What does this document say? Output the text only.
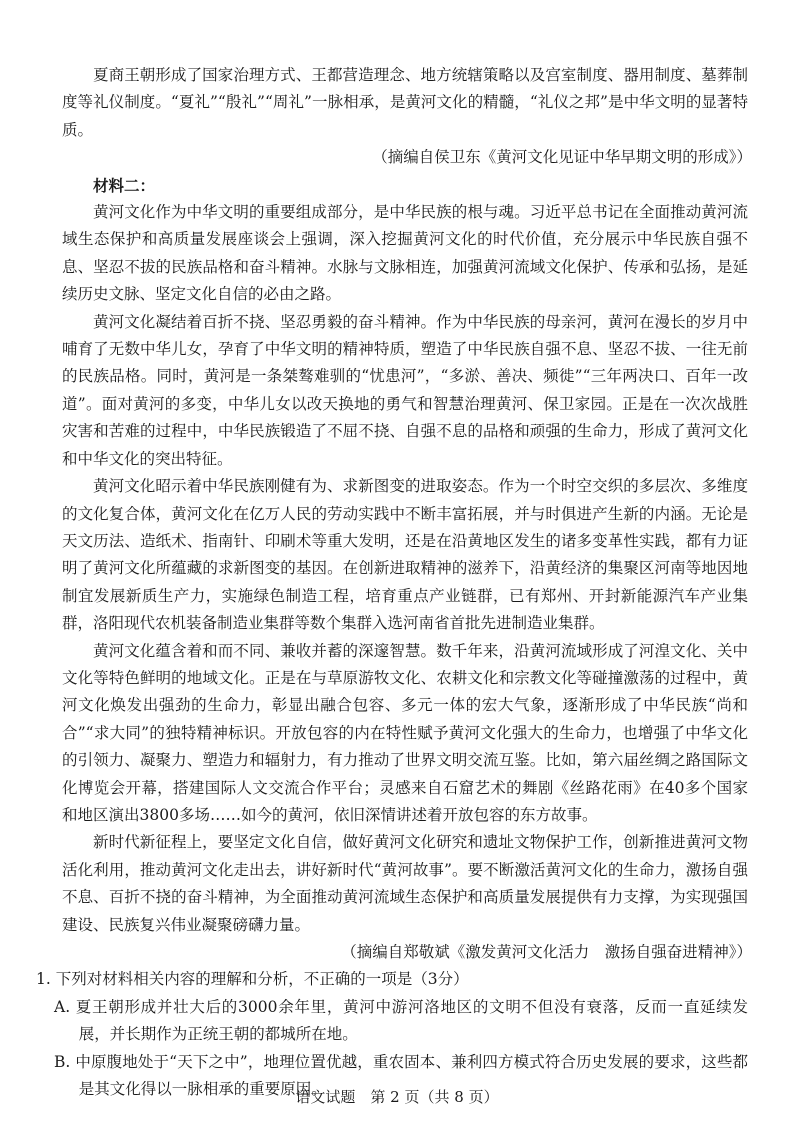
夏商王朝形成了国家治理方式、王都营造理念、地方统辖策略以及宫室制度、器用制度、墓葬制度等礼仪制度。“夏礼”“殷礼”“周礼”一脉相承，是黄河文化的精髓，“礼仪之邦”是中华文明的显著特质。

（摘编自侯卫东《黄河文化见证中华早期文明的形成》）

材料二：

黄河文化作为中华文明的重要组成部分，是中华民族的根与魂。习近平总书记在全面推动黄河流域生态保护和高质量发展座谈会上强调，深入挖掘黄河文化的时代价值，充分展示中华民族自强不息、坚忍不拔的民族品格和奋斗精神。水脉与文脉相连，加强黄河流域文化保护、传承和弘扬，是延续历史文脉、坚定文化自信的必由之路。

黄河文化凝结着百折不挠、坚忍勇毅的奋斗精神。作为中华民族的母亲河，黄河在漫长的岁月中哺育了无数中华儿女，孕育了中华文明的精神特质，塑造了中华民族自强不息、坚忍不拔、一往无前的民族品格。同时，黄河是一条桀骜难驯的“忧患河”，“多淤、善决、频徙”“三年两决口、百年一改道”。面对黄河的多变，中华儿女以改天换地的勇气和智慧治理黄河、保卫家园。正是在一次次战胜灾害和苦难的过程中，中华民族锻造了不屈不挠、自强不息的品格和顽强的生命力，形成了黄河文化和中华文化的突出特征。

黄河文化昭示着中华民族刚健有为、求新图变的进取姿态。作为一个时空交织的多层次、多维度的文化复合体，黄河文化在亿万人民的劳动实践中不断丰富拓展，并与时俱进产生新的内涵。无论是天文历法、造纸术、指南针、印刷术等重大发明，还是在沿黄地区发生的诸多变革性实践，都有力证明了黄河文化所蕴藏的求新图变的基因。在创新进取精神的滋养下，沿黄经济的集聚区河南等地因地制宜发展新质生产力，实施绿色制造工程，培育重点产业链群，已有郑州、开封新能源汽车产业集群，洛阳现代农机装备制造业集群等数个集群入选河南省首批先进制造业集群。

黄河文化蕴含着和而不同、兼收并蓄的深邃智慧。数千年来，沿黄河流域形成了河湟文化、关中文化等特色鲜明的地域文化。正是在与草原游牧文化、农耕文化和宗教文化等碰撞激荡的过程中，黄河文化焕发出强劲的生命力，彰显出融合包容、多元一体的宏大气象，逐渐形成了中华民族“尚和合”“求大同”的独特精神标识。开放包容的内在特性赋予黄河文化强大的生命力，也增强了中华文化的引领力、凝聚力、塑造力和辐射力，有力推动了世界文明交流互鉴。比如，第六届丝绸之路国际文化博览会开幕，搭建国际人文交流合作平台；灵感来自石窟艺术的舞剧《丝路花雨》在40多个国家和地区演出3800多场……如今的黄河，依旧深情讲述着开放包容的东方故事。

新时代新征程上，要坚定文化自信，做好黄河文化研究和遗址文物保护工作，创新推进黄河文物活化利用，推动黄河文化走出去，讲好新时代“黄河故事”。要不断激活黄河文化的生命力，激扬自强不息、百折不挠的奋斗精神，为全面推动黄河流域生态保护和高质量发展提供有力支撑，为实现强国建设、民族复兴伟业凝聚磅礴力量。

（摘编自郑敬斌《激发黄河文化活力　激扬自强奋进精神》）

1. 下列对材料相关内容的理解和分析，不正确的一项是（3分）

A. 夏王朝形成并壮大后的3000余年里，黄河中游河洛地区的文明不但没有衰落，反而一直延续发展，并长期作为正统王朝的都城所在地。

B. 中原腹地处于“天下之中”，地理位置优越，重农固本、兼利四方模式符合历史发展的要求，这些都是其文化得以一脉相承的重要原因。

语文试题　第 2 页（共 8 页）
